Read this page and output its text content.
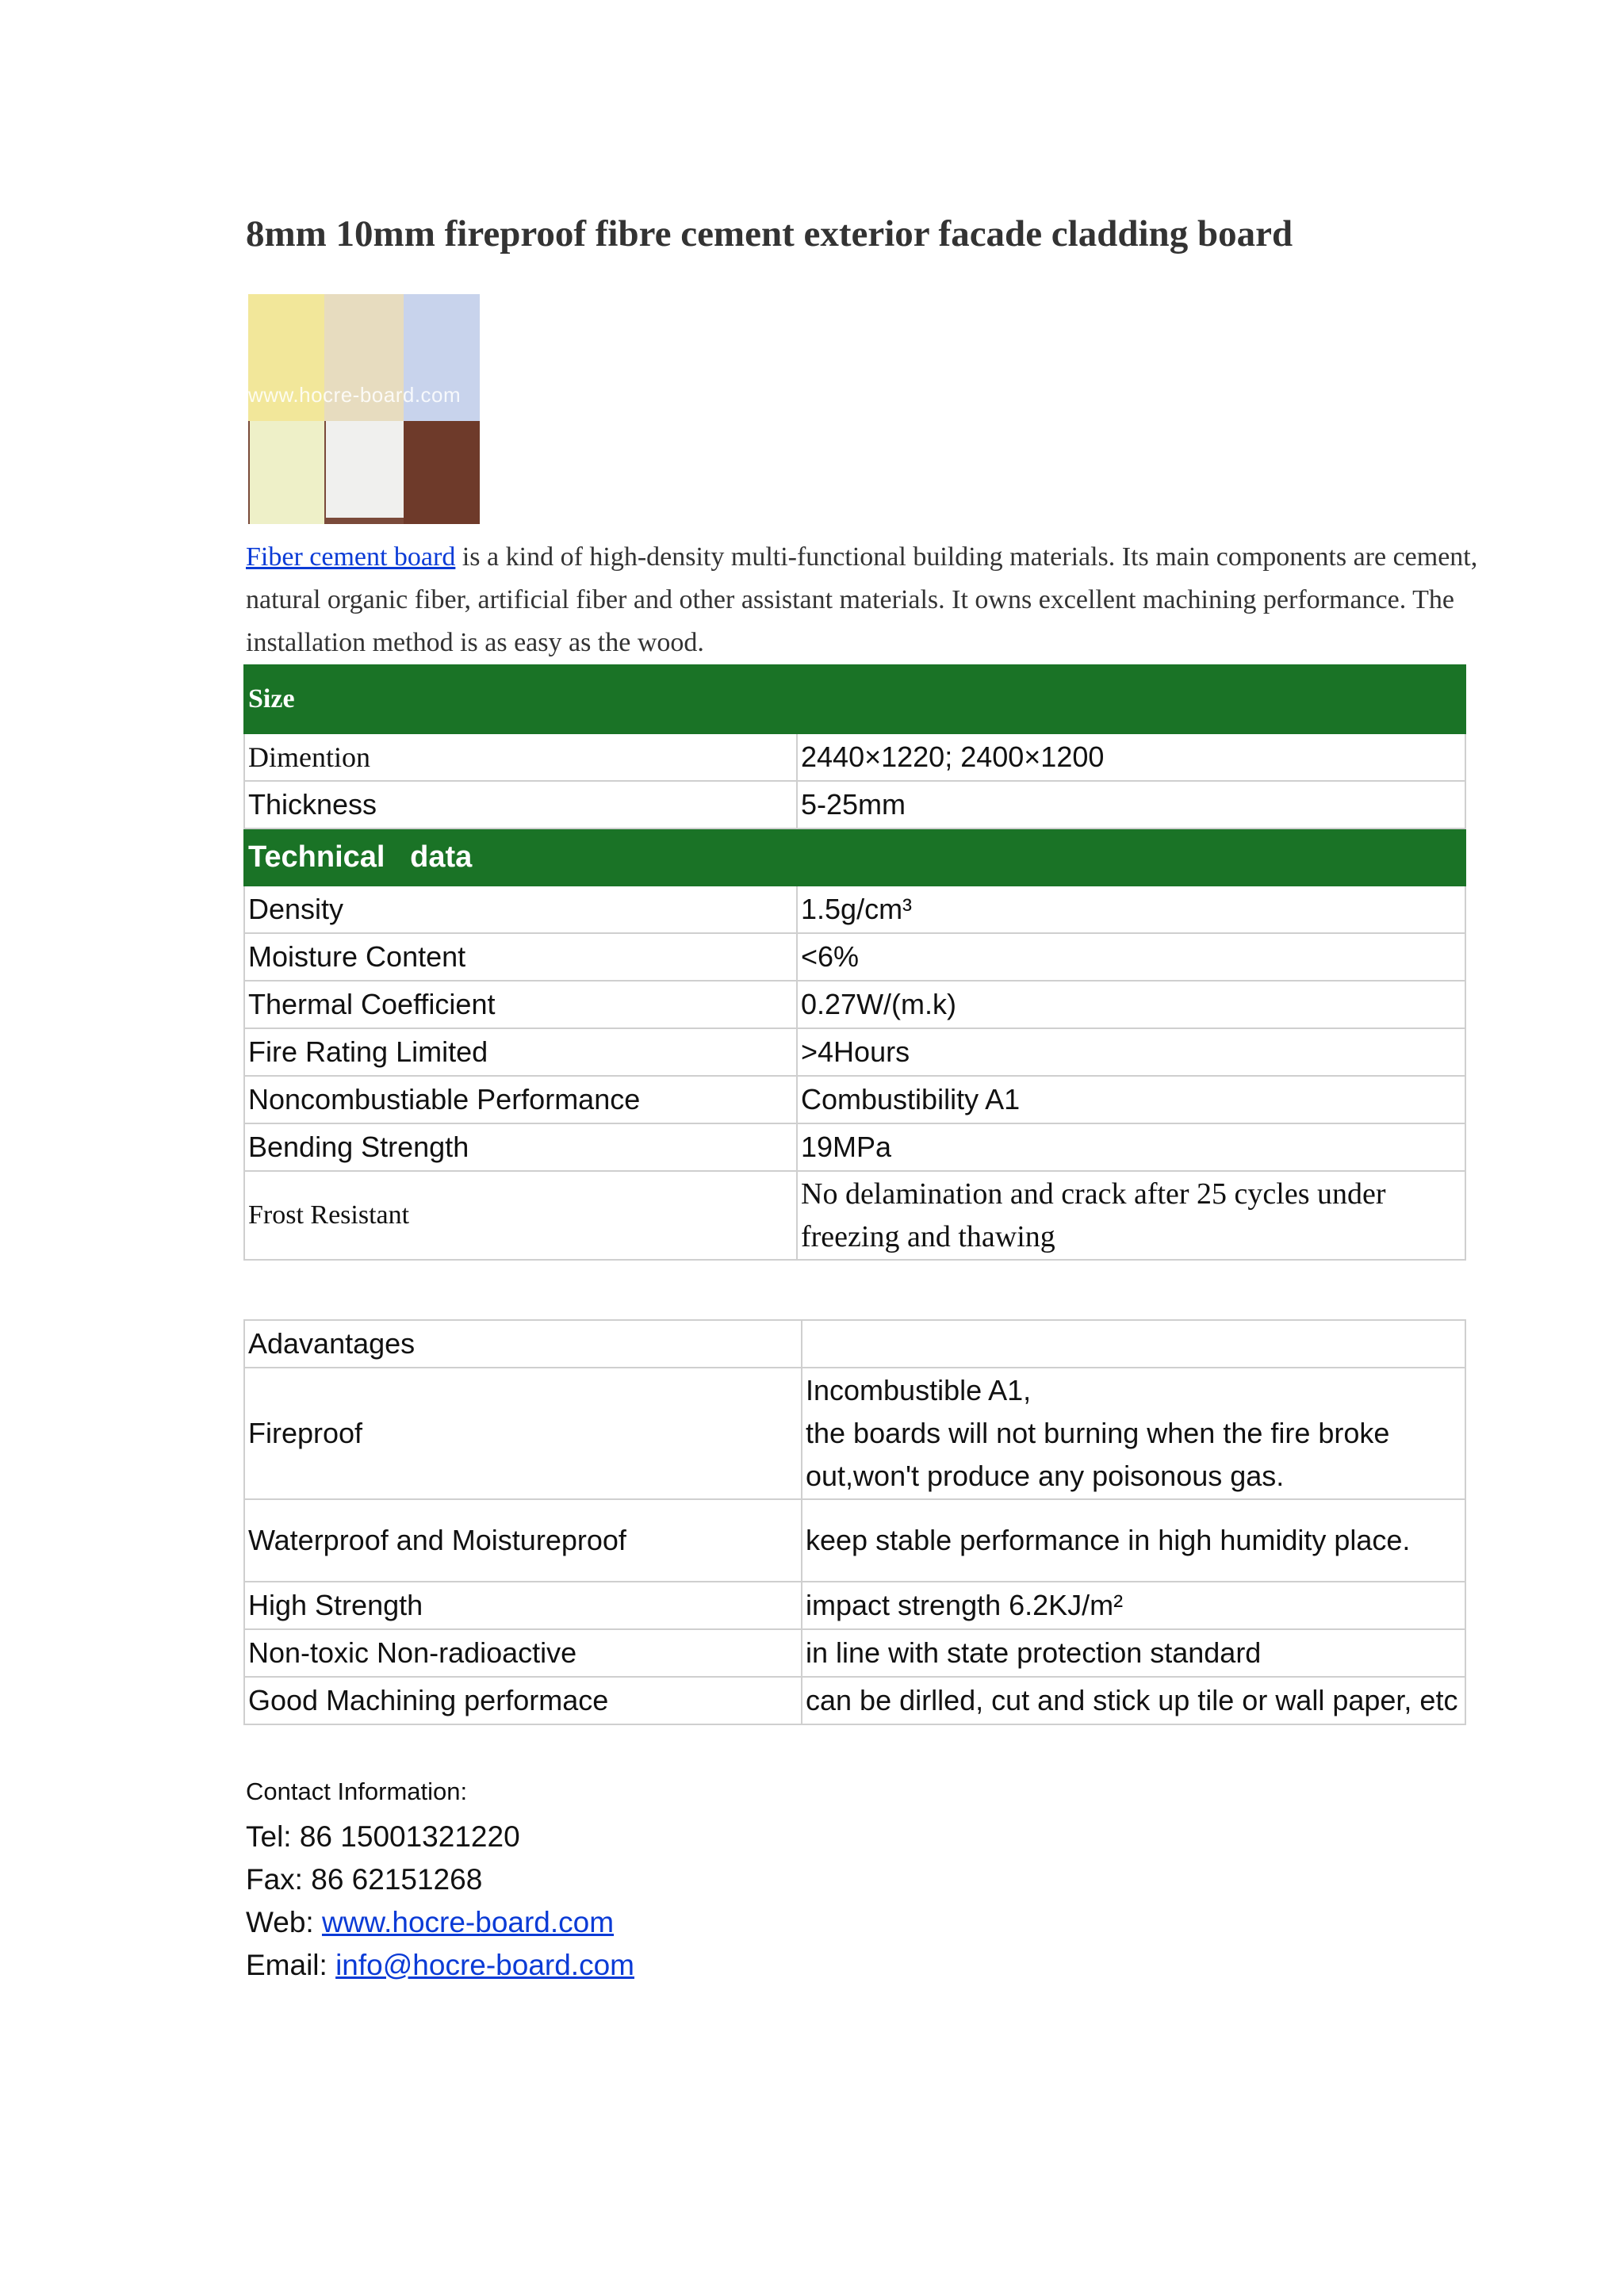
8mm 10mm fireproof fibre cement exterior facade cladding board
www.hocre-board.com

Fiber cement board is a kind of high-density multi-functional building materials. Its main components are cement, natural organic fiber, artificial fiber and other assistant materials. It owns excellent machining performance. The installation method is as easy as the wood.

Size	
Dimention	2440×1220; 2400×1200
Thickness	5-25mm
Technical   data	
Density	1.5g/cm³
Moisture Content	<6%
Thermal Coefficient	0.27W/(m.k)
Fire Rating Limited	>4Hours
Noncombustiable Performance	Combustibility A1
Bending Strength	19MPa
Frost Resistant	No delamination and crack after 25 cycles under freezing and thawing
Adavantages	
Fireproof	Incombustible A1,
the boards will not burning when the fire broke out,won't produce any poisonous gas.

Waterproof and Moistureproof	keep stable performance in high humidity place.
High Strength	impact strength 6.2KJ/m²
Non-toxic Non-radioactive	in line with state protection standard
Good Machining performace	can be dirlled, cut and stick up tile or wall paper, etc

Contact Information:

Tel: 86 15001321220

Fax: 86 62151268

Web: www.hocre-board.com

Email: info@hocre-board.com
